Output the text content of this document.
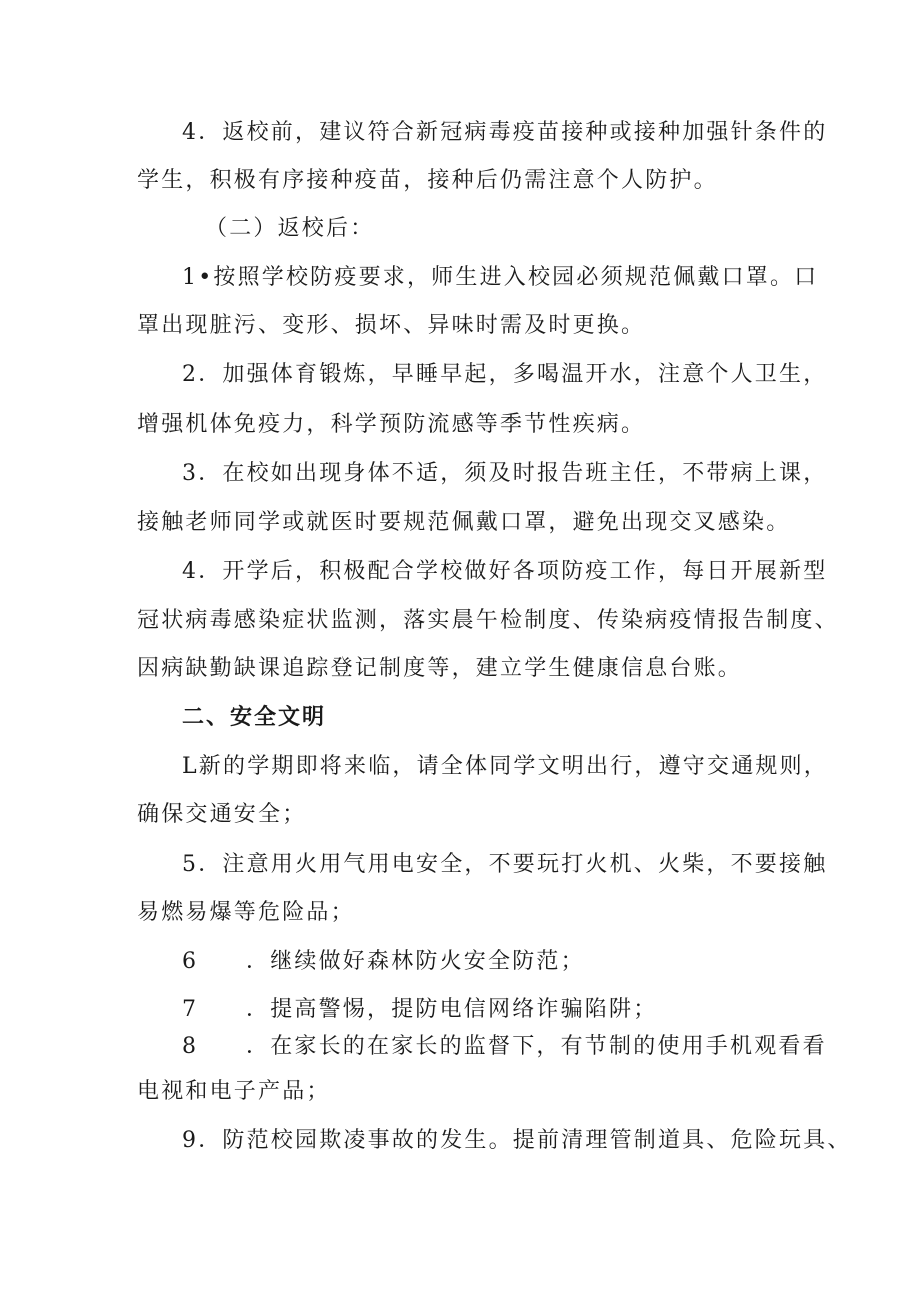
4．返校前，建议符合新冠病毒疫苗接种或接种加强针条件的
学生，积极有序接种疫苗，接种后仍需注意个人防护。
（二）返校后：
1•按照学校防疫要求，师生进入校园必须规范佩戴口罩。口
罩出现脏污、变形、损坏、异味时需及时更换。
2．加强体育锻炼，早睡早起，多喝温开水，注意个人卫生，
增强机体免疫力，科学预防流感等季节性疾病。
3．在校如出现身体不适，须及时报告班主任，不带病上课，
接触老师同学或就医时要规范佩戴口罩，避免出现交叉感染。
4．开学后，积极配合学校做好各项防疫工作，每日开展新型
冠状病毒感染症状监测，落实晨午检制度、传染病疫情报告制度、
因病缺勤缺课追踪登记制度等，建立学生健康信息台账。
二、安全文明
L新的学期即将来临，请全体同学文明出行，遵守交通规则，
确保交通安全；
5．注意用火用气用电安全，不要玩打火机、火柴，不要接触
易燃易爆等危险品；
6 ．继续做好森林防火安全防范；
7 ．提高警惕，提防电信网络诈骗陷阱；
8 ．在家长的在家长的监督下，有节制的使用手机观看看
电视和电子产品；
9．防范校园欺凌事故的发生。提前清理管制道具、危险玩具、
